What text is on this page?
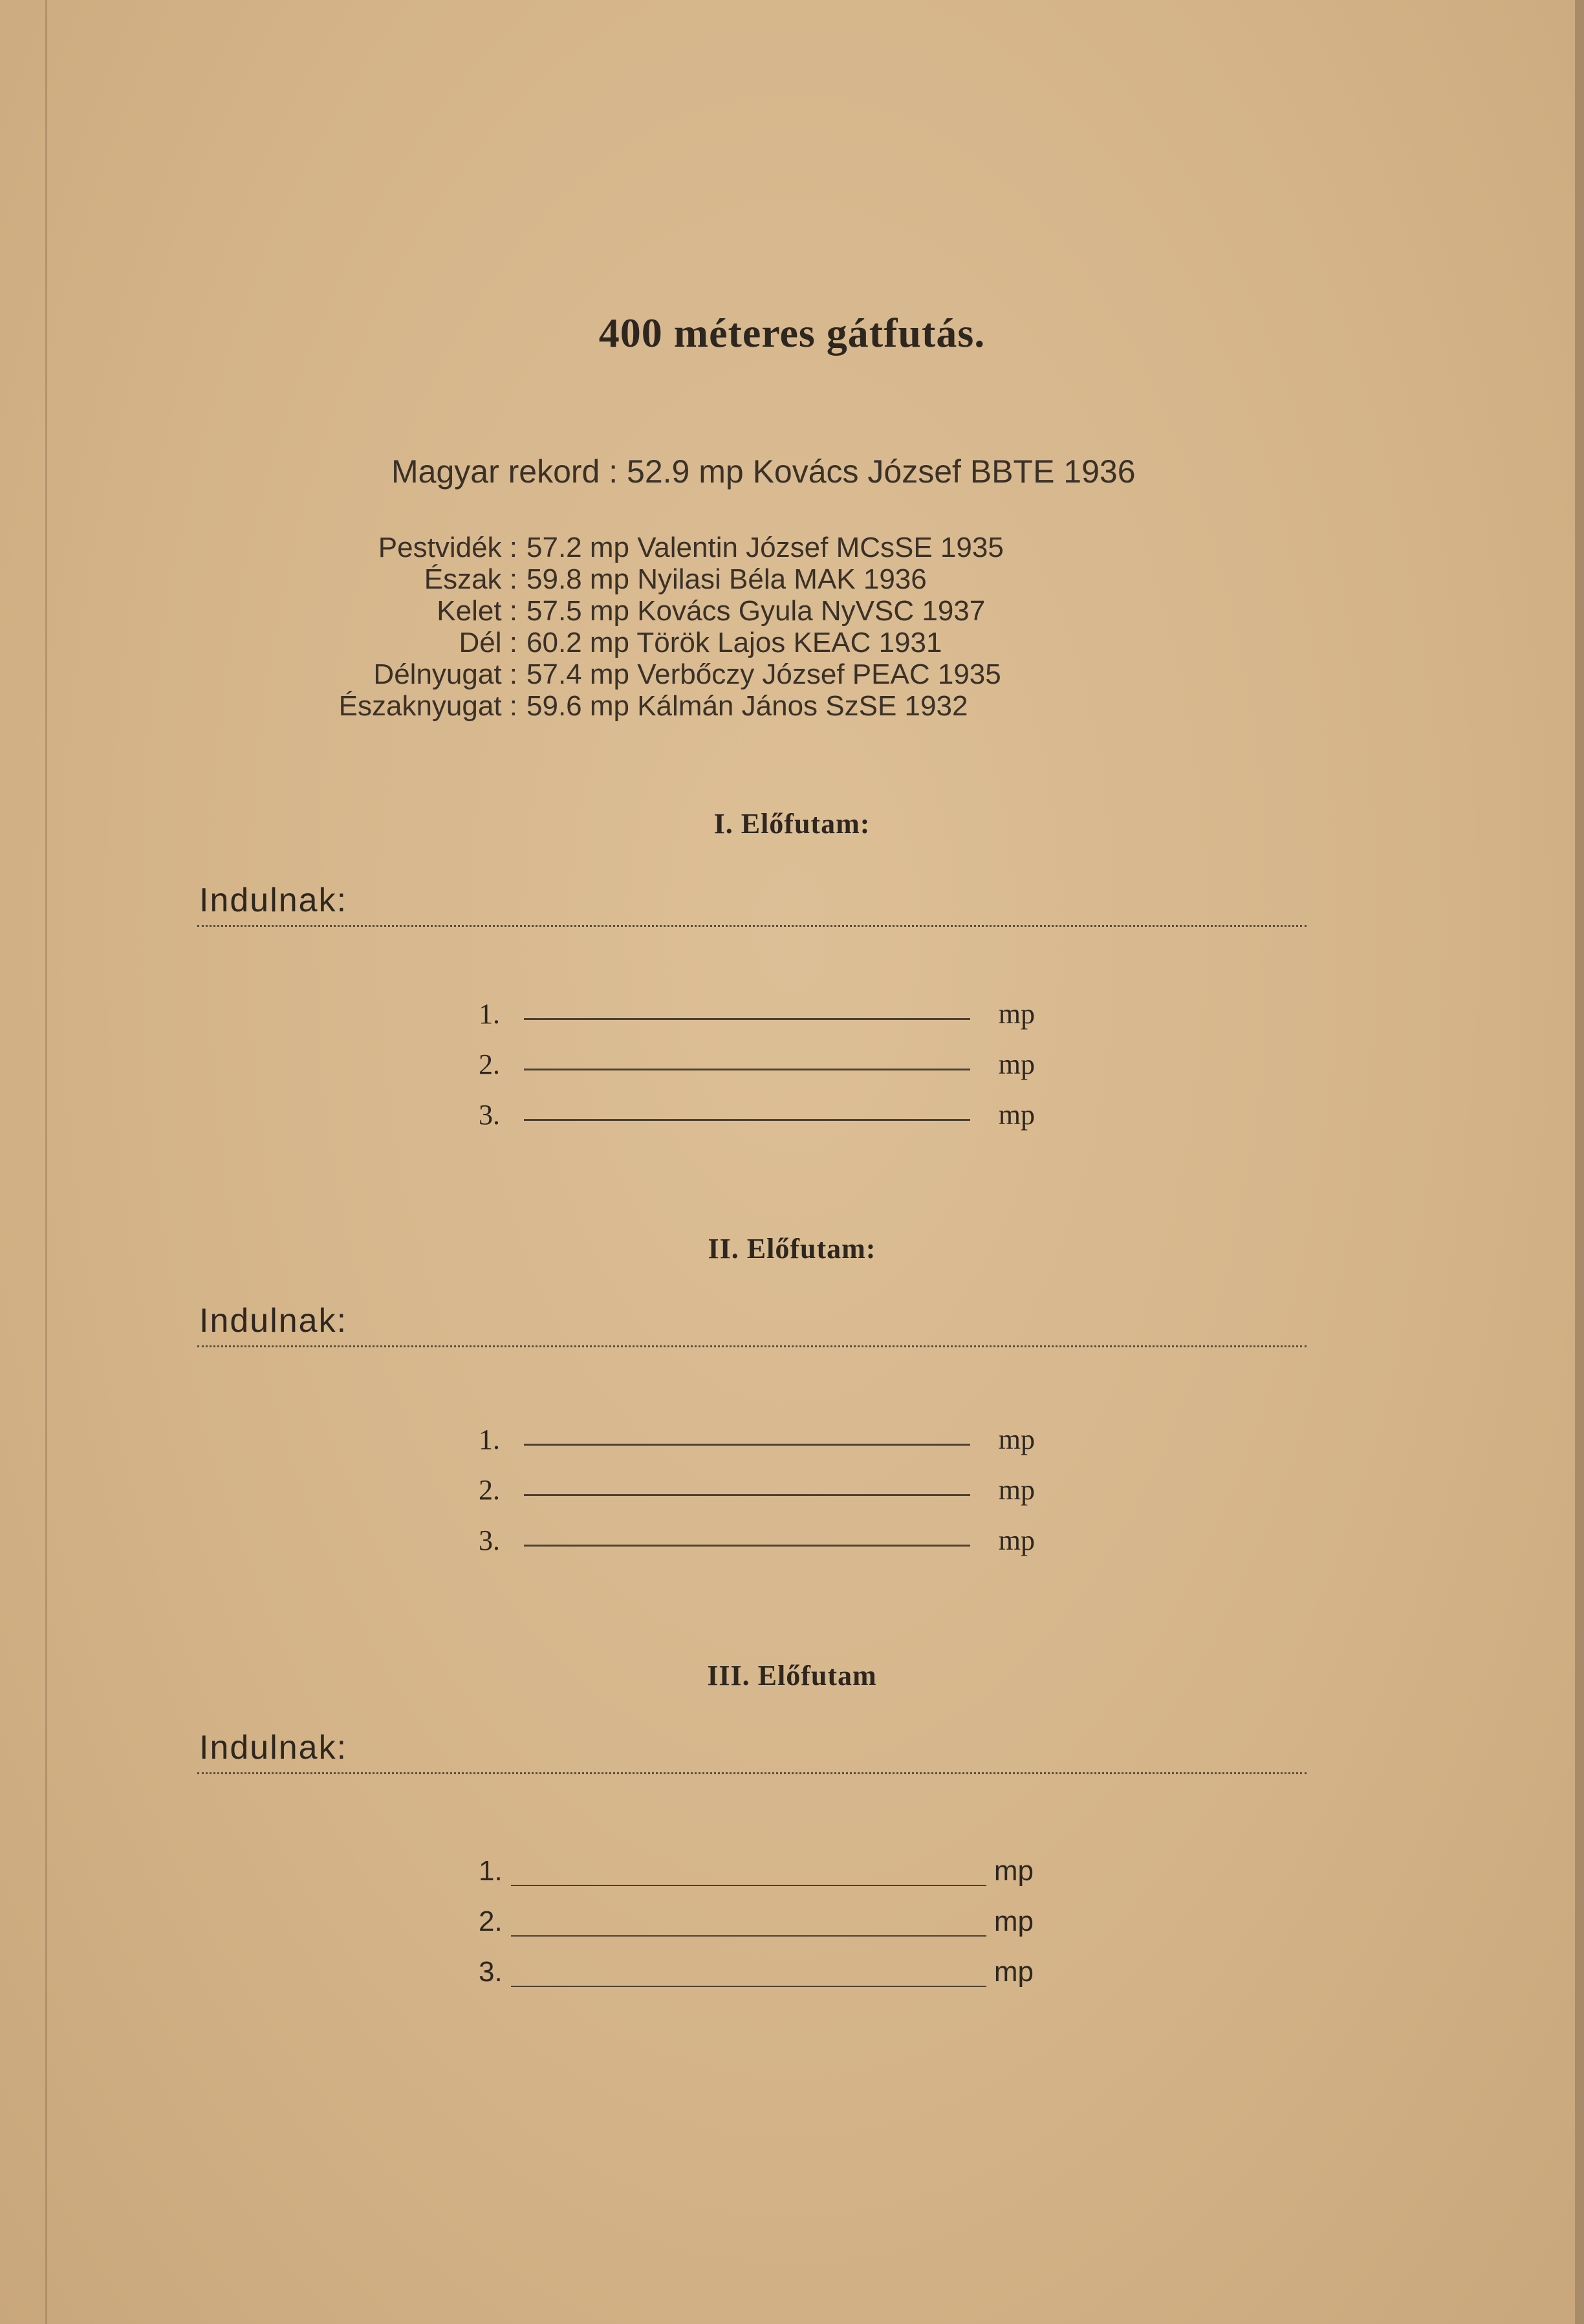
400 méteres gátfutás.
Magyar rekord : 52.9 mp Kovács József BBTE 1936
Pestvidék : 57.2 mp Valentin József MCsSE 1935
Észak : 59.8 mp Nyilasi Béla MAK 1936
Kelet : 57.5 mp Kovács Gyula NyVSC 1937
Dél : 60.2 mp Török Lajos KEAC 1931
Délnyugat : 57.4 mp Verbőczy József PEAC 1935
Északnyugat : 59.6 mp Kálmán János SzSE 1932
I. Előfutam:
Indulnak:
1.	mp
2.	mp
3.	mp
II. Előfutam:
Indulnak:
1.	mp
2.	mp
3.	mp
III. Előfutam
Indulnak:
1.	mp
2.	mp
3.	mp
